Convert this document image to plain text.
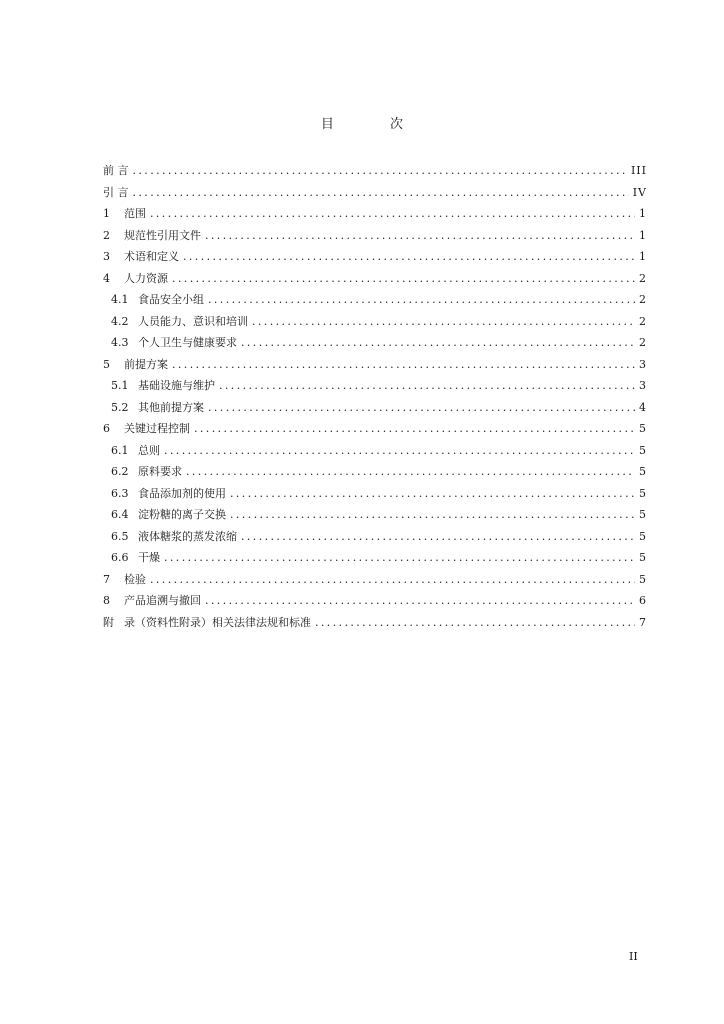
目 次
前 言 .....	III
引 言 .....	IV
1	范围 .....	1
2	规范性引用文件 .....	1
3	术语和定义 .....	1
4	人力资源 .....	2
4.1 食品安全小组 .....	2
4.2 人员能力、意识和培训 .....	2
4.3 个人卫生与健康要求 .....	2
5	前提方案 .....	3
5.1 基础设施与维护 .....	3
5.2 其他前提方案 .....	4
6	关键过程控制 .....	5
6.1 总则 .....	5
6.2 原料要求 .....	5
6.3 食品添加剂的使用 .....	5
6.4 淀粉糖的离子交换 .....	5
6.5 液体糖浆的蒸发浓缩 .....	5
6.6 干燥 .....	5
7	检验 .....	5
8	产品追溯与撤回 .....	6
附 录（资料性附录）相关法律法规和标准 .....	7
II
